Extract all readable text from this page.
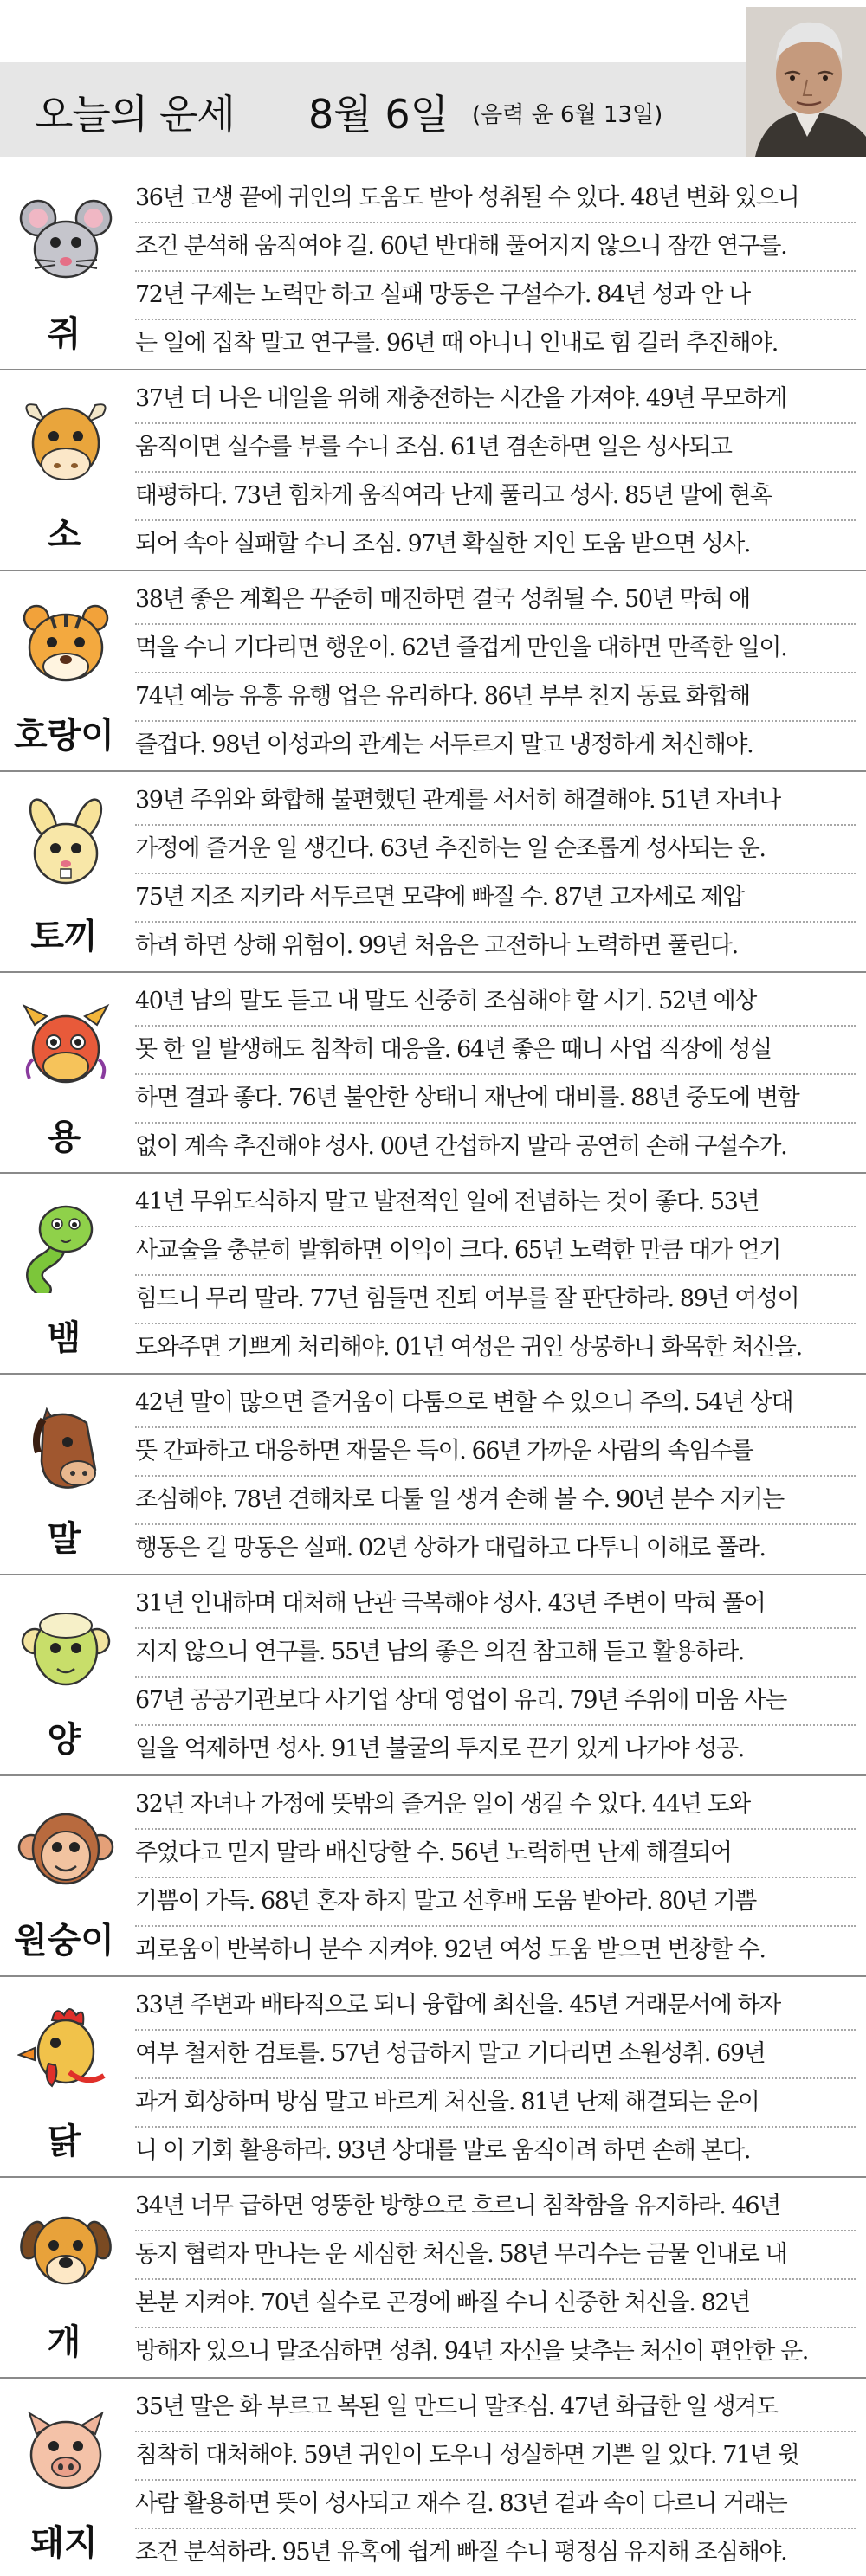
오늘의 운세 8월 6일 (음력 윤 6월 13일)
쥐
36년 고생 끝에 귀인의 도움도 받아 성취될 수 있다. 48년 변화 있으니
조건 분석해 움직여야 길. 60년 반대해 풀어지지 않으니 잠깐 연구를.
72년 구제는 노력만 하고 실패 망동은 구설수가. 84년 성과 안 나
는 일에 집착 말고 연구를. 96년 때 아니니 인내로 힘 길러 추진해야.
소
37년 더 나은 내일을 위해 재충전하는 시간을 가져야. 49년 무모하게
움직이면 실수를 부를 수니 조심. 61년 겸손하면 일은 성사되고
태평하다. 73년 힘차게 움직여라 난제 풀리고 성사. 85년 말에 현혹
되어 속아 실패할 수니 조심. 97년 확실한 지인 도움 받으면 성사.
호랑이
38년 좋은 계획은 꾸준히 매진하면 결국 성취될 수. 50년 막혀 애
먹을 수니 기다리면 행운이. 62년 즐겁게 만인을 대하면 만족한 일이.
74년 예능 유흥 유행 업은 유리하다. 86년 부부 친지 동료 화합해
즐겁다. 98년 이성과의 관계는 서두르지 말고 냉정하게 처신해야.
토끼
39년 주위와 화합해 불편했던 관계를 서서히 해결해야. 51년 자녀나
가정에 즐거운 일 생긴다. 63년 추진하는 일 순조롭게 성사되는 운.
75년 지조 지키라 서두르면 모략에 빠질 수. 87년 고자세로 제압
하려 하면 상해 위험이. 99년 처음은 고전하나 노력하면 풀린다.
용
40년 남의 말도 듣고 내 말도 신중히 조심해야 할 시기. 52년 예상
못 한 일 발생해도 침착히 대응을. 64년 좋은 때니 사업 직장에 성실
하면 결과 좋다. 76년 불안한 상태니 재난에 대비를. 88년 중도에 변함
없이 계속 추진해야 성사. 00년 간섭하지 말라 공연히 손해 구설수가.
뱀
41년 무위도식하지 말고 발전적인 일에 전념하는 것이 좋다. 53년
사교술을 충분히 발휘하면 이익이 크다. 65년 노력한 만큼 대가 얻기
힘드니 무리 말라. 77년 힘들면 진퇴 여부를 잘 판단하라. 89년 여성이
도와주면 기쁘게 처리해야. 01년 여성은 귀인 상봉하니 화목한 처신을.
말
42년 말이 많으면 즐거움이 다툼으로 변할 수 있으니 주의. 54년 상대
뜻 간파하고 대응하면 재물은 득이. 66년 가까운 사람의 속임수를
조심해야. 78년 견해차로 다툴 일 생겨 손해 볼 수. 90년 분수 지키는
행동은 길 망동은 실패. 02년 상하가 대립하고 다투니 이해로 풀라.
양
31년 인내하며 대처해 난관 극복해야 성사. 43년 주변이 막혀 풀어
지지 않으니 연구를. 55년 남의 좋은 의견 참고해 듣고 활용하라.
67년 공공기관보다 사기업 상대 영업이 유리. 79년 주위에 미움 사는
일을 억제하면 성사. 91년 불굴의 투지로 끈기 있게 나가야 성공.
원숭이
32년 자녀나 가정에 뜻밖의 즐거운 일이 생길 수 있다. 44년 도와
주었다고 믿지 말라 배신당할 수. 56년 노력하면 난제 해결되어
기쁨이 가득. 68년 혼자 하지 말고 선후배 도움 받아라. 80년 기쁨
괴로움이 반복하니 분수 지켜야. 92년 여성 도움 받으면 번창할 수.
닭
33년 주변과 배타적으로 되니 융합에 최선을. 45년 거래문서에 하자
여부 철저한 검토를. 57년 성급하지 말고 기다리면 소원성취. 69년
과거 회상하며 방심 말고 바르게 처신을. 81년 난제 해결되는 운이
니 이 기회 활용하라. 93년 상대를 말로 움직이려 하면 손해 본다.
개
34년 너무 급하면 엉뚱한 방향으로 흐르니 침착함을 유지하라. 46년
동지 협력자 만나는 운 세심한 처신을. 58년 무리수는 금물 인내로 내
본분 지켜야. 70년 실수로 곤경에 빠질 수니 신중한 처신을. 82년
방해자 있으니 말조심하면 성취. 94년 자신을 낮추는 처신이 편안한 운.
돼지
35년 말은 화 부르고 복된 일 만드니 말조심. 47년 화급한 일 생겨도
침착히 대처해야. 59년 귀인이 도우니 성실하면 기쁜 일 있다. 71년 윗
사람 활용하면 뜻이 성사되고 재수 길. 83년 겉과 속이 다르니 거래는
조건 분석하라. 95년 유혹에 쉽게 빠질 수니 평정심 유지해 조심해야.
